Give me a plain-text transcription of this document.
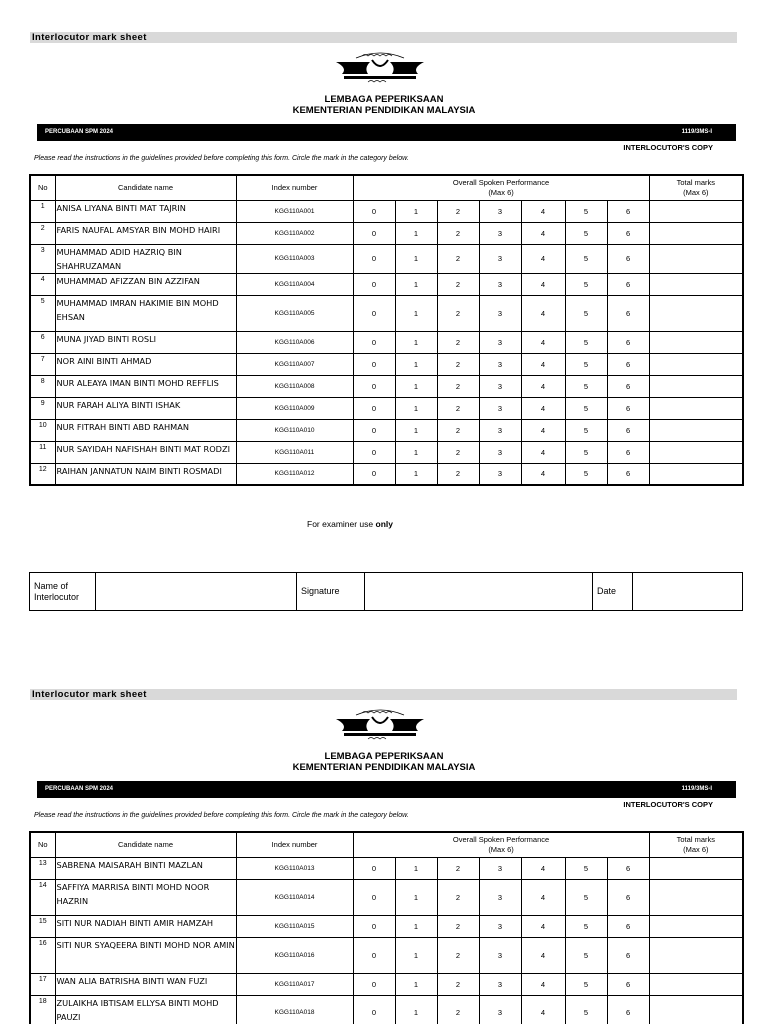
Interlocutor mark sheet
LEMBAGA PEPERIKSAAN
KEMENTERIAN PENDIDIKAN MALAYSIA
PERCUBAAN SPM 2024	1119/3MS-I
INTERLOCUTOR'S COPY
Please read the instructions in the guidelines provided before completing this form. Circle the mark in the category below.
No	Candidate name	Index number	Overall Spoken Performance
(Max 6)							Total marks
(Max 6)
1	ANISA LIYANA BINTI MAT TAJRIN	KGG110A001	0	1	2	3	4	5	6	
2	FARIS NAUFAL AMSYAR BIN MOHD HAIRI	KGG110A002	0	1	2	3	4	5	6	
3	MUHAMMAD ADID HAZRIQ BIN SHAHRUZAMAN	KGG110A003	0	1	2	3	4	5	6	
4	MUHAMMAD AFIZZAN BIN AZZIFAN	KGG110A004	0	1	2	3	4	5	6	
5	MUHAMMAD IMRAN HAKIMIE BIN MOHD EHSAN	KGG110A005	0	1	2	3	4	5	6	
6	MUNA JIYAD BINTI ROSLI	KGG110A006	0	1	2	3	4	5	6	
7	NOR AINI BINTI AHMAD	KGG110A007	0	1	2	3	4	5	6	
8	NUR ALEAYA IMAN BINTI MOHD REFFLIS	KGG110A008	0	1	2	3	4	5	6	
9	NUR FARAH ALIYA BINTI ISHAK	KGG110A009	0	1	2	3	4	5	6	
10	NUR FITRAH BINTI ABD RAHMAN	KGG110A010	0	1	2	3	4	5	6	
11	NUR SAYIDAH NAFISHAH BINTI MAT RODZI	KGG110A011	0	1	2	3	4	5	6	
12	RAIHAN JANNATUN NAIM BINTI ROSMADI	KGG110A012	0	1	2	3	4	5	6	
For examiner use only
Name of Interlocutor		Signature		Date	
Interlocutor mark sheet
LEMBAGA PEPERIKSAAN
KEMENTERIAN PENDIDIKAN MALAYSIA
PERCUBAAN SPM 2024	1119/3MS-I
INTERLOCUTOR'S COPY
Please read the instructions in the guidelines provided before completing this form. Circle the mark in the category below.
No	Candidate name	Index number	Overall Spoken Performance
(Max 6)							Total marks
(Max 6)
13	SABRENA MAISARAH BINTI MAZLAN	KGG110A013	0	1	2	3	4	5	6	
14	SAFFIYA MARRISA BINTI MOHD NOOR HAZRIN	KGG110A014	0	1	2	3	4	5	6	
15	SITI NUR NADIAH BINTI AMIR HAMZAH	KGG110A015	0	1	2	3	4	5	6	
16	SITI NUR SYAQEERA BINTI MOHD NOR AMIN	KGG110A016	0	1	2	3	4	5	6	
17	WAN ALIA BATRISHA BINTI WAN FUZI	KGG110A017	0	1	2	3	4	5	6	
18	ZULAIKHA IBTISAM ELLYSA BINTI MOHD PAUZI	KGG110A018	0	1	2	3	4	5	6	
